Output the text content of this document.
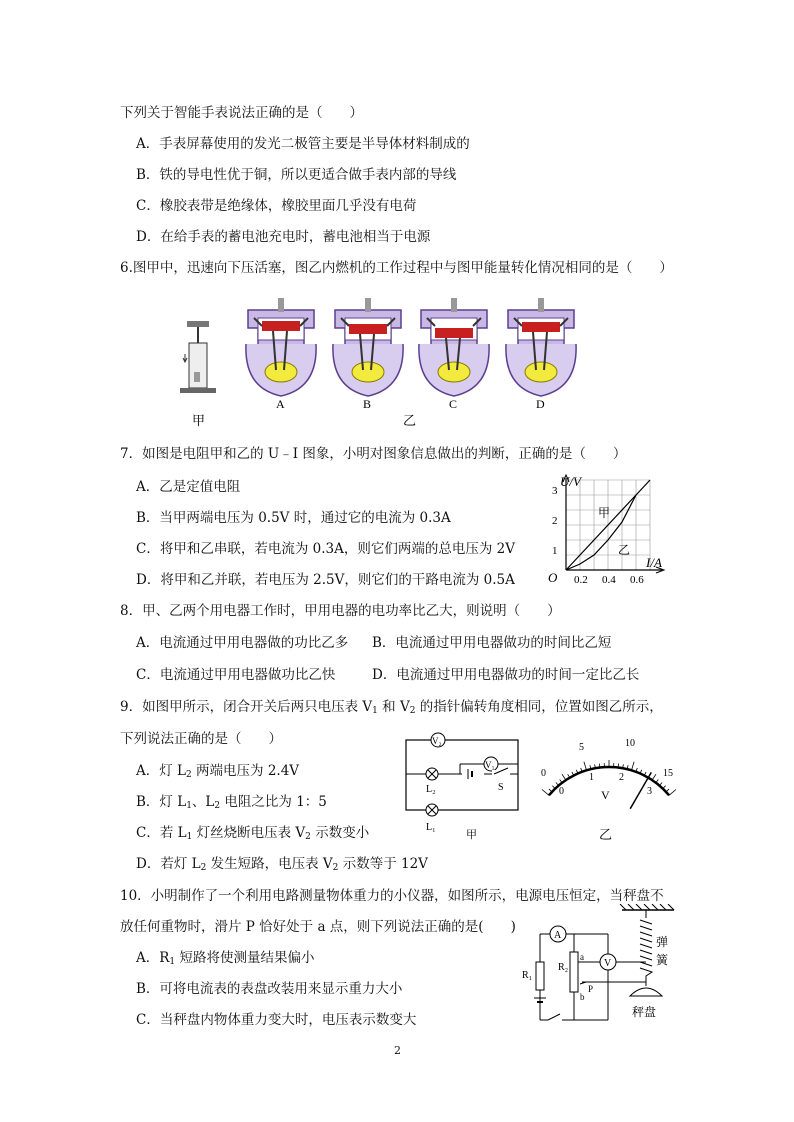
下列关于智能手表说法正确的是（　　）
A．手表屏幕使用的发光二极管主要是半导体材料制成的
B．铁的导电性优于铜，所以更适合做手表内部的导线
C．橡胶表带是绝缘体，橡胶里面几乎没有电荷
D．在给手表的蓄电池充电时，蓄电池相当于电源
6.图甲中，迅速向下压活塞，图乙内燃机的工作过程中与图甲能量转化情况相同的是（　　）
甲
A	B	C	D
乙
7．如图是电阻甲和乙的 U﹣I 图象，小明对图象信息做出的判断，正确的是（　　）
A．乙是定值电阻
B．当甲两端电压为 0.5V 时，通过它的电流为 0.3A
C．将甲和乙串联，若电流为 0.3A，则它们两端的总电压为 2V
D．将甲和乙并联，若电压为 2.5V，则它们的干路电流为 0.5A
U/V
I/A
O
1
2
3
0.2 0.4 0.6
甲
乙
8．甲、乙两个用电器工作时，甲用电器的电功率比乙大，则说明（　　）
A．电流通过甲用电器做的功比乙多 B．电流通过甲用电器做功的时间比乙短
C．电流通过甲用电器做功比乙快	D．电流通过甲用电器做功的时间一定比乙长
9．如图甲所示，闭合开关后两只电压表 $V_1$ 和 $V_2$ 的指针偏转角度相同，位置如图乙所示，
下列说法正确的是（　　）
A．灯 $L_2$ 两端电压为 2.4V
B．灯 $L_1$、$L_2$ 电阻之比为 1：5
C．若 $L_1$ 灯丝烧断电压表 $V_2$ 示数变小
D．若灯 $L_2$ 发生短路，电压表 $V_2$ 示数等于 12V
V₂
V₁
S
L₂
L₁
甲
0
5	10
15
0
1	2
3
V
乙
10．小明制作了一个利用电路测量物体重力的小仪器，如图所示，电源电压恒定，当秤盘不
放任何重物时，滑片 P 恰好处于 a 点，则下列说法正确的是(　　)
A．$R_1$ 短路将使测量结果偏小
B．可将电流表的表盘改装用来显示重力大小
C．当秤盘内物体重力变大时，电压表示数变大
弹
簧
秤盘
A
V
R₂
a
b
P
R₁
2
